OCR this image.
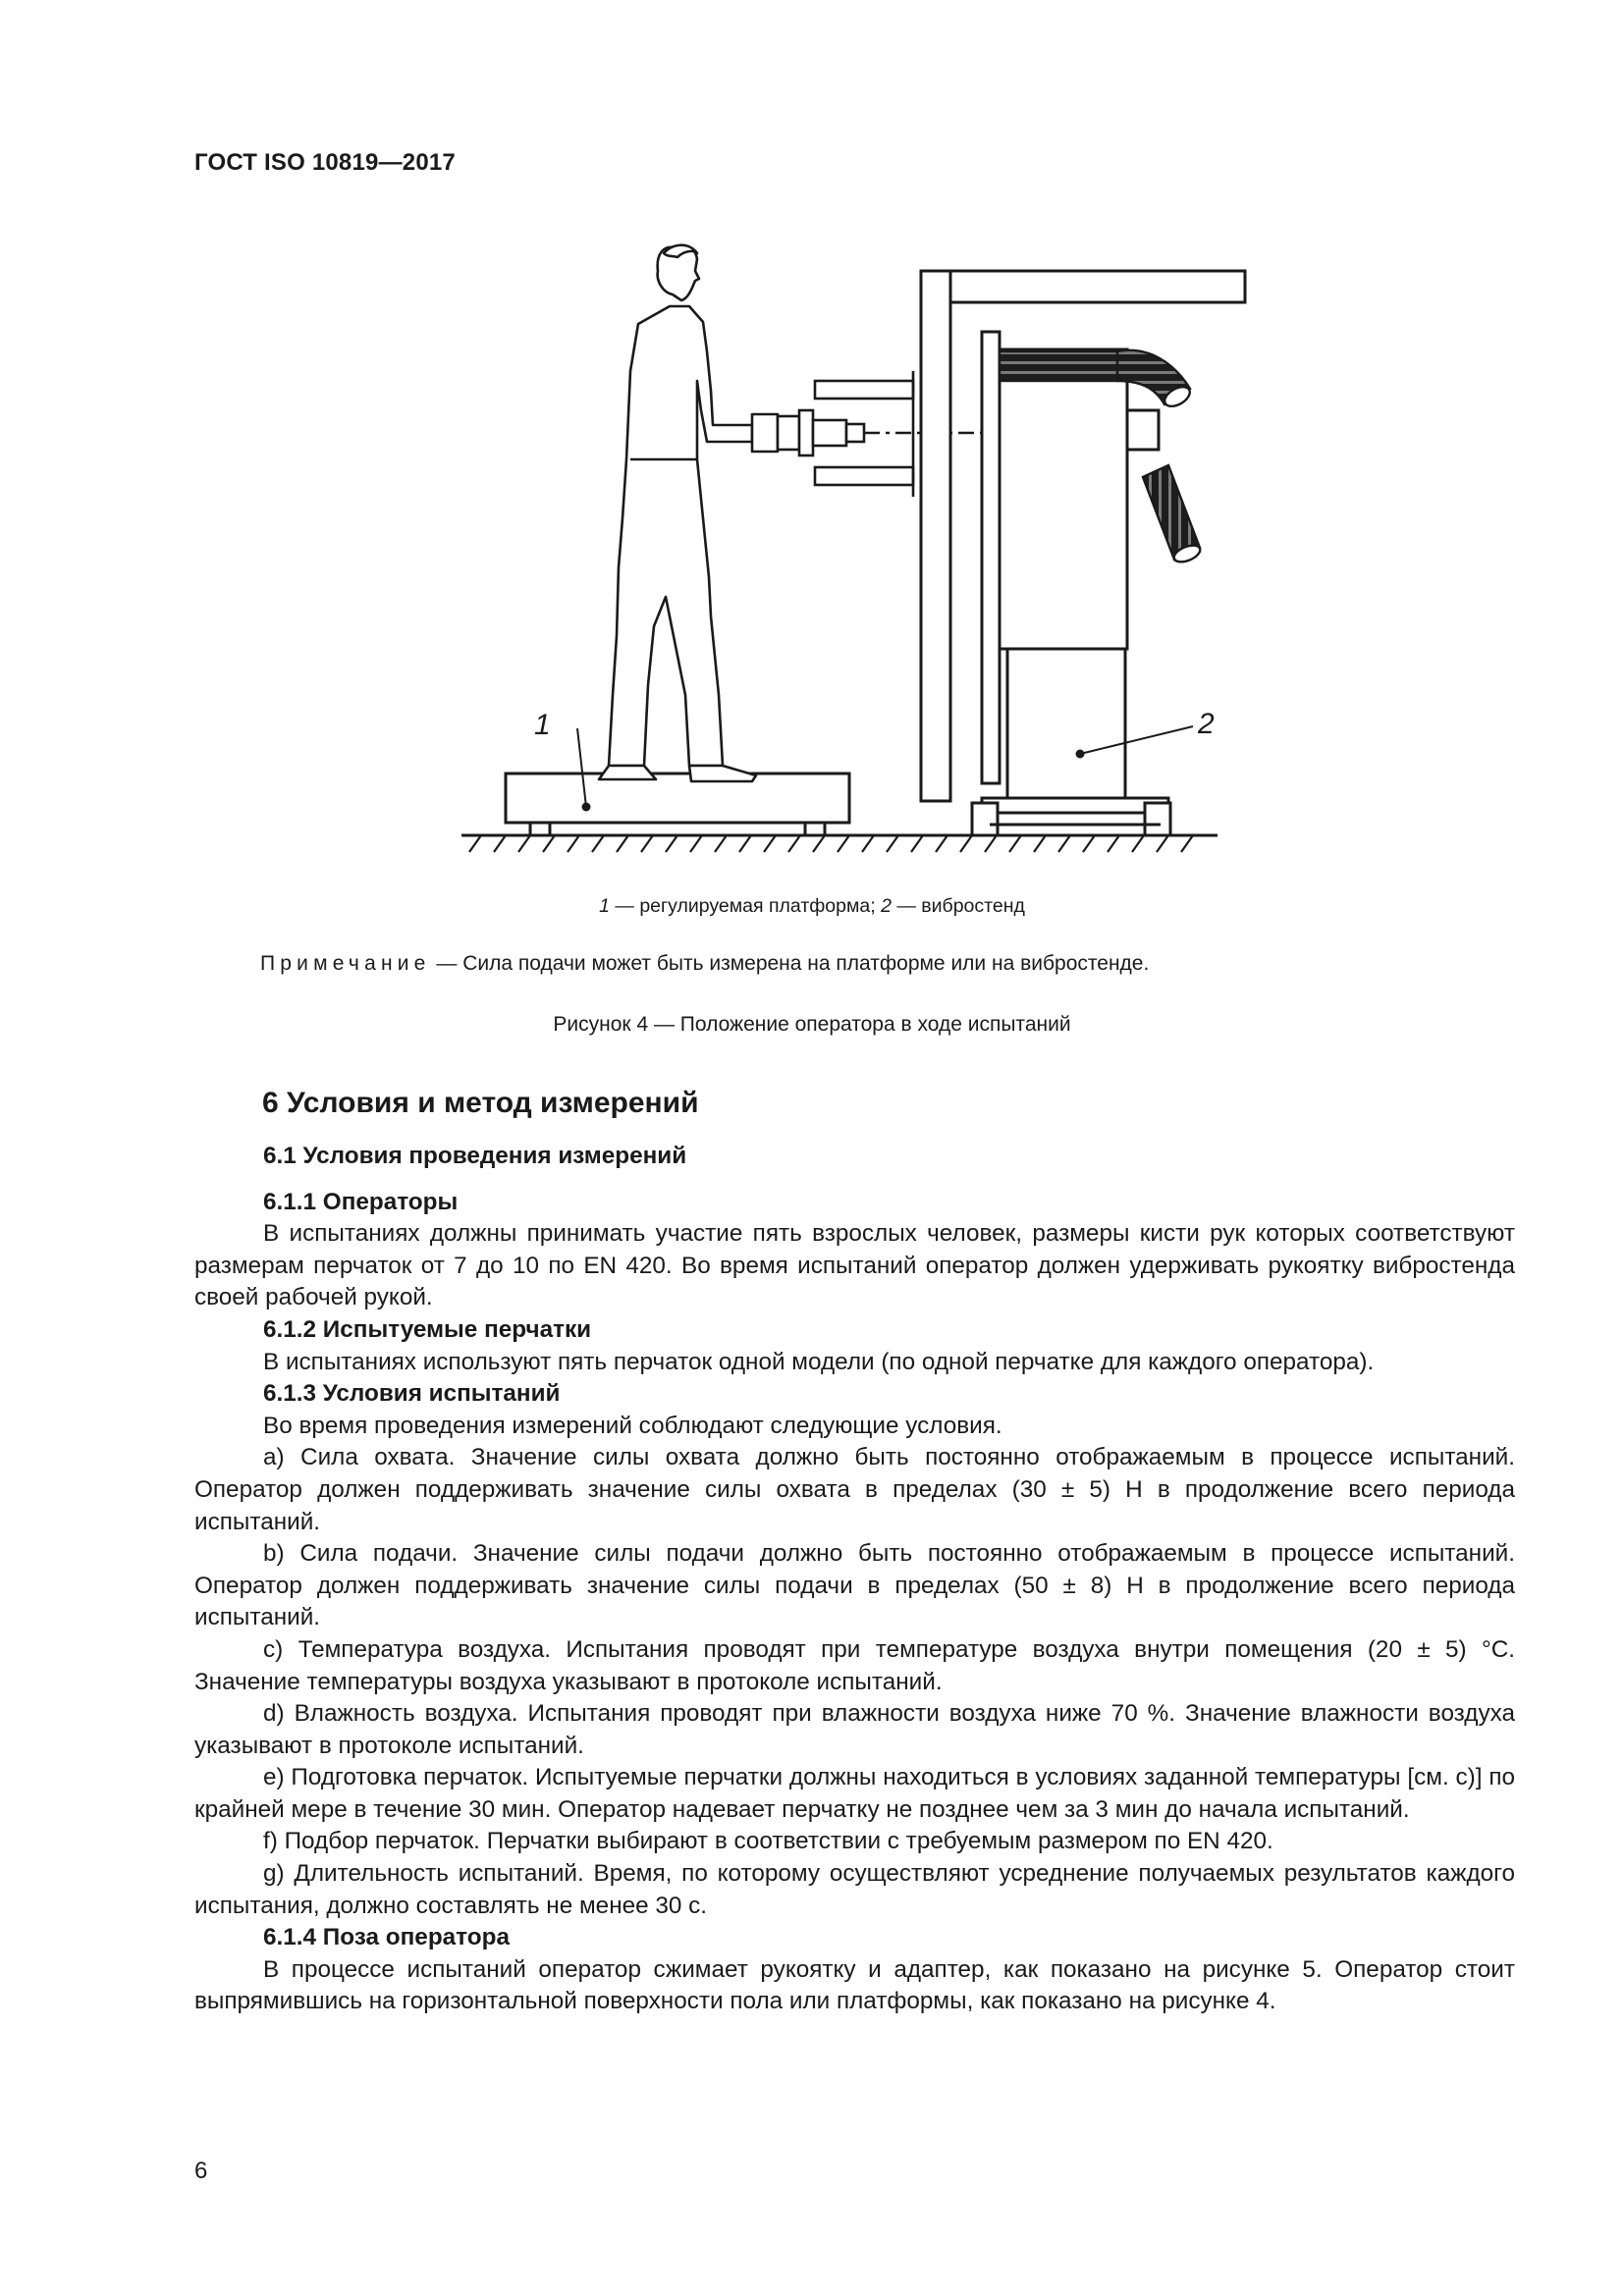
ГОСТ ISO 10819—2017
1	2
1 — регулируемая платформа; 2 — вибростенд
Примечание — Сила подачи может быть измерена на платформе или на вибростенде.
Рисунок 4 — Положение оператора в ходе испытаний

6 Условия и метод измерений

6.1 Условия проведения измерений

6.1.1 Операторы

В испытаниях должны принимать участие пять взрослых человек, размеры кисти рук которых соответствуют размерам перчаток от 7 до 10 по EN 420. Во время испытаний оператор должен удерживать рукоятку вибростенда своей рабочей рукой.

6.1.2 Испытуемые перчатки

В испытаниях используют пять перчаток одной модели (по одной перчатке для каждого оператора).

6.1.3 Условия испытаний

Во время проведения измерений соблюдают следующие условия.

a) Сила охвата. Значение силы охвата должно быть постоянно отображаемым в процессе испытаний. Оператор должен поддерживать значение силы охвата в пределах (30 ± 5) Н в продолжение всего периода испытаний.

b) Сила подачи. Значение силы подачи должно быть постоянно отображаемым в процессе испытаний. Оператор должен поддерживать значение силы подачи в пределах (50 ± 8) Н в продолжение всего периода испытаний.

c) Температура воздуха. Испытания проводят при температуре воздуха внутри помещения (20 ± 5) °C. Значение температуры воздуха указывают в протоколе испытаний.

d) Влажность воздуха. Испытания проводят при влажности воздуха ниже 70 %. Значение влажности воздуха указывают в протоколе испытаний.

e) Подготовка перчаток. Испытуемые перчатки должны находиться в условиях заданной температуры [см. c)] по крайней мере в течение 30 мин. Оператор надевает перчатку не позднее чем за 3 мин до начала испытаний.

f) Подбор перчаток. Перчатки выбирают в соответствии с требуемым размером по EN 420.

g) Длительность испытаний. Время, по которому осуществляют усреднение получаемых результатов каждого испытания, должно составлять не менее 30 с.

6.1.4 Поза оператора

В процессе испытаний оператор сжимает рукоятку и адаптер, как показано на рисунке 5. Оператор стоит выпрямившись на горизонтальной поверхности пола или платформы, как показано на рисунке 4.

6
